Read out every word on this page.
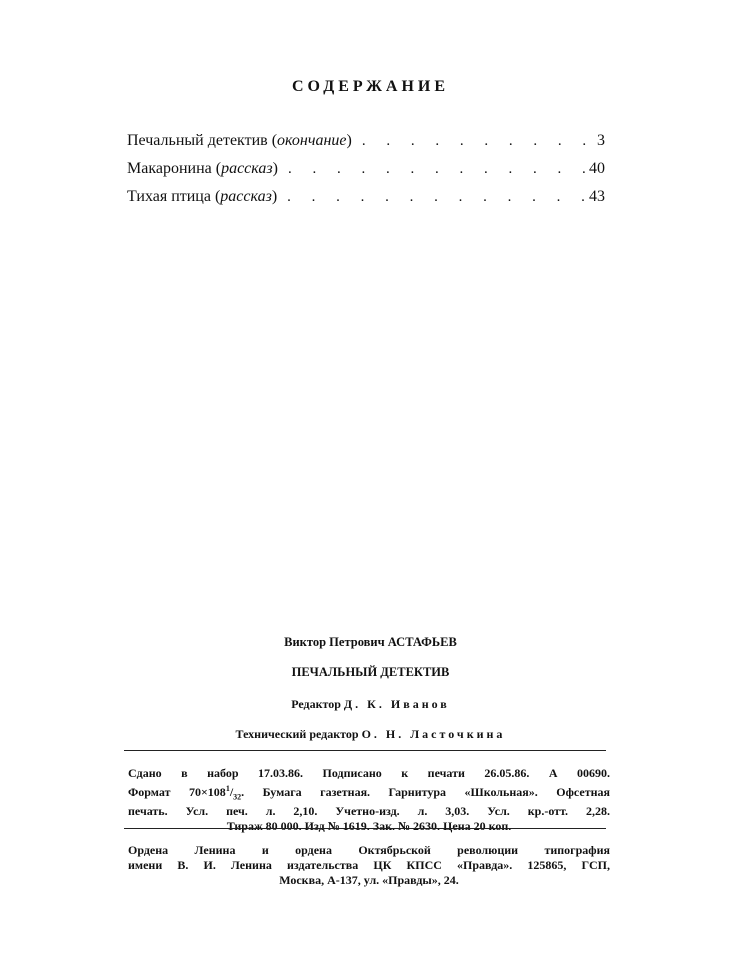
СОДЕРЖАНИЕ
Печальный детектив (окончание) . . .	3
Макаронина (рассказ) . . .	40
Тихая птица (рассказ) . . .	43
Виктор Петрович АСТАФЬЕВ
ПЕЧАЛЬНЫЙ ДЕТЕКТИВ
Редактор Д. К. Иванов
Технический редактор О. Н. Ласточкина
Сдано в набор 17.03.86. Подписано к печати 26.05.86. А 00690.
Формат $70\times 108^1/_{32}$. Бумага газетная. Гарнитура «Школьная». Офсетная
печать. Усл. печ. л. 2,10. Учетно-изд. л. 3,03. Усл. кр.-отт. 2,28.
Тираж 80 000. Изд № 1619. Зак. № 2630. Цена 20 коп.
Ордена Ленина и ордена Октябрьской революции типография
имени В. И. Ленина издательства ЦК КПСС «Правда». 125865, ГСП,
Москва, А-137, ул. «Правды», 24.
